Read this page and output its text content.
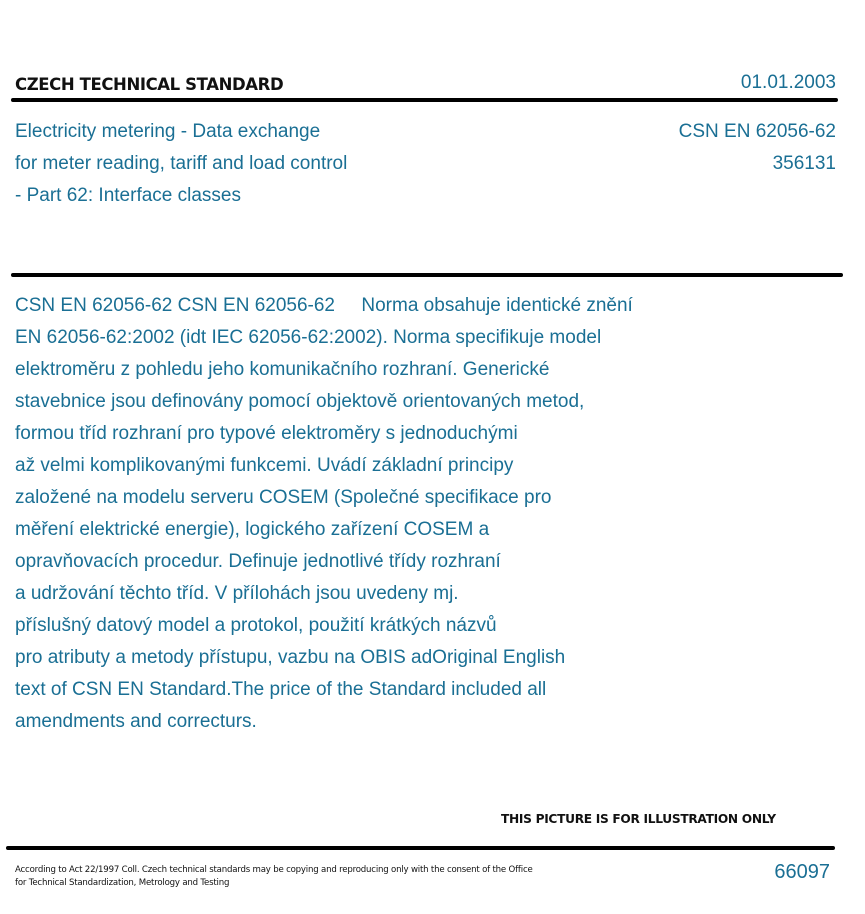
CZECH TECHNICAL STANDARD	01.01.2003
Electricity metering - Data exchange
for meter reading, tariff and load control
- Part 62: Interface classes
CSN EN 62056-62
356131
CSN EN 62056-62 CSN EN 62056-62     Norma obsahuje identické znění
EN 62056-62:2002 (idt IEC 62056-62:2002). Norma specifikuje model
elektroměru z pohledu jeho komunikačního rozhraní. Generické
stavebnice jsou definovány pomocí objektově orientovaných metod,
formou tříd rozhraní pro typové elektroměry s jednoduchými
až velmi komplikovanými funkcemi. Uvádí základní principy
založené na modelu serveru COSEM (Společné specifikace pro
měření elektrické energie), logického zařízení COSEM a
opravňovacích procedur. Definuje jednotlivé třídy rozhraní
a udržování těchto tříd. V přílohách jsou uvedeny mj.
příslušný datový model a protokol, použití krátkých názvů
pro atributy a metody přístupu, vazbu na OBIS adOriginal English
text of CSN EN Standard.The price of the Standard included all
amendments and correcturs.
THIS PICTURE IS FOR ILLUSTRATION ONLY
According to Act 22/1997 Coll. Czech technical standards may be copying and reproducing only with the consent of the Office
for Technical Standardization, Metrology and Testing	66097
